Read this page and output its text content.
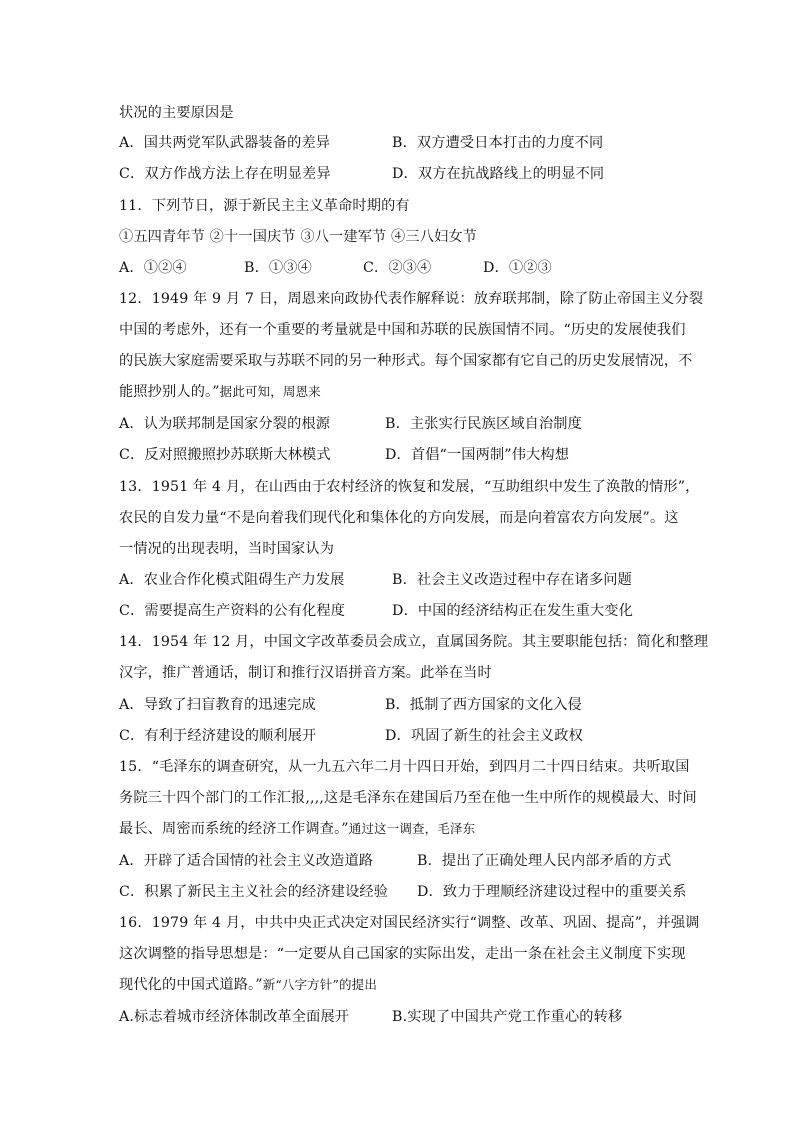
状况的主要原因是
A．国共两党军队武器装备的差异	B．双方遭受日本打击的力度不同
C．双方作战方法上存在明显差异	D．双方在抗战路线上的明显不同
11．下列节日，源于新民主主义革命时期的有
①五四青年节 ②十一国庆节 ③八一建军节 ④三八妇女节
A．①②④	B．①③④	C．②③④	D．①②③
12．1949 年 9 月 7 日，周恩来向政协代表作解释说：放弃联邦制，除了防止帝国主义分裂
中国的考虑外，还有一个重要的考量就是中国和苏联的民族国情不同。“历史的发展使我们
的民族大家庭需要采取与苏联不同的另一种形式。每个国家都有它自己的历史发展情况，不
能照抄别人的。”据此可知，周恩来
A．认为联邦制是国家分裂的根源	B．主张实行民族区域自治制度
C．反对照搬照抄苏联斯大林模式	D．首倡“一国两制”伟大构想
13．1951 年 4 月，在山西由于农村经济的恢复和发展，“互助组织中发生了涣散的情形”，
农民的自发力量“不是向着我们现代化和集体化的方向发展，而是向着富农方向发展”。这
一情况的出现表明，当时国家认为
A．农业合作化模式阻碍生产力发展	B．社会主义改造过程中存在诸多问题
C．需要提高生产资料的公有化程度	D．中国的经济结构正在发生重大变化
14．1954 年 12 月，中国文字改革委员会成立，直属国务院。其主要职能包括：简化和整理
汉字，推广普通话，制订和推行汉语拼音方案。此举在当时
A．导致了扫盲教育的迅速完成	B．抵制了西方国家的文化入侵
C．有利于经济建设的顺利展开	D．巩固了新生的社会主义政权
15．“毛泽东的调查研究，从一九五六年二月十四日开始，到四月二十四日结束。共听取国
务院三十四个部门的工作汇报,,,,这是毛泽东在建国后乃至在他一生中所作的规模最大、时间
最长、周密而系统的经济工作调查。”通过这一调查，毛泽东
A．开辟了适合国情的社会主义改造道路	B．提出了正确处理人民内部矛盾的方式
C．积累了新民主主义社会的经济建设经验 D．致力于理顺经济建设过程中的重要关系
16．1979 年 4 月，中共中央正式决定对国民经济实行“调整、改革、巩固、提高”，并强调
这次调整的指导思想是：“一定要从自己国家的实际出发，走出一条在社会主义制度下实现
现代化的中国式道路。”新“八字方针”的提出
A.标志着城市经济体制改革全面展开	B.实现了中国共产党工作重心的转移
